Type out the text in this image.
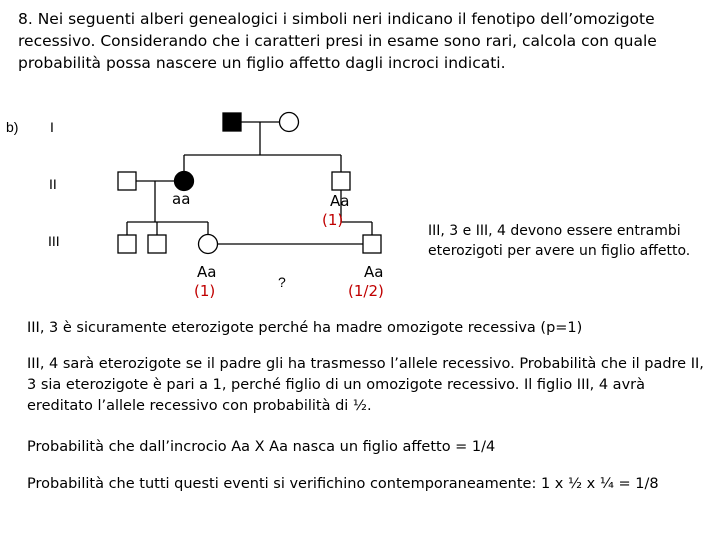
8. Nei seguenti alberi genealogici i simboli neri indicano il fenotipo dell’omozigote recessivo. Considerando che i caratteri presi in esame sono rari, calcola con quale probabilità possa nascere un figlio affetto dagli incroci indicati.
b) I
II
III
aa	Aa
(1)
Aa
(1)	?
Aa
(1/2)
III, 3 e III, 4 devono essere entrambi eterozigoti per avere un figlio affetto.
III, 3 è sicuramente eterozigote perché ha madre omozigote recessiva (p=1)
III, 4 sarà eterozigote se il padre gli ha trasmesso l’allele recessivo. Probabilità che il padre II, 3 sia eterozigote è pari a 1, perché figlio di un omozigote recessivo. Il figlio III, 4 avrà ereditato l’allele recessivo con probabilità di ½.
Probabilità che dall’incrocio Aa X Aa nasca un figlio affetto = 1/4
Probabilità che tutti questi eventi si verifichino contemporaneamente: 1 x ½ x ¼ = 1/8
